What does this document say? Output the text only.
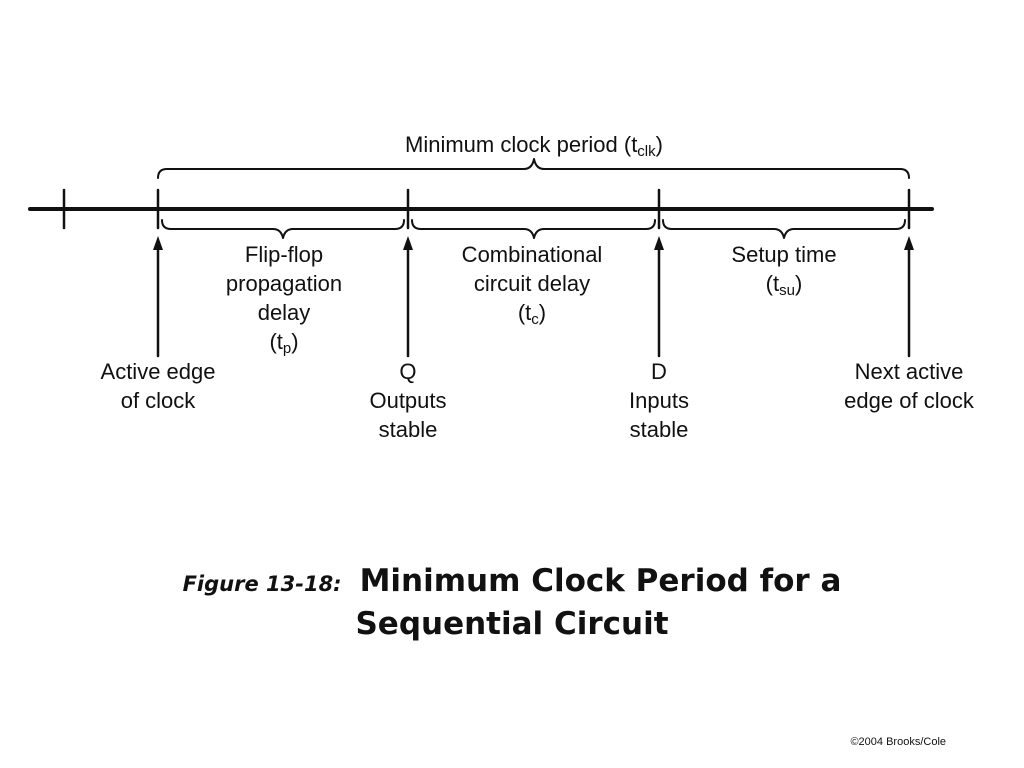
Minimum clock period $(t_{clk})$
Flip-flop
propagation
delay
$(t_p)$
Combinational
circuit delay
$(t_c)$
Setup time
$(t_{su})$
Active edge
of clock
Q
Outputs
stable
D
Inputs
stable
Next active
edge of clock
Figure 13-18: Minimum Clock Period for a
Sequential Circuit
©2004 Brooks/Cole
